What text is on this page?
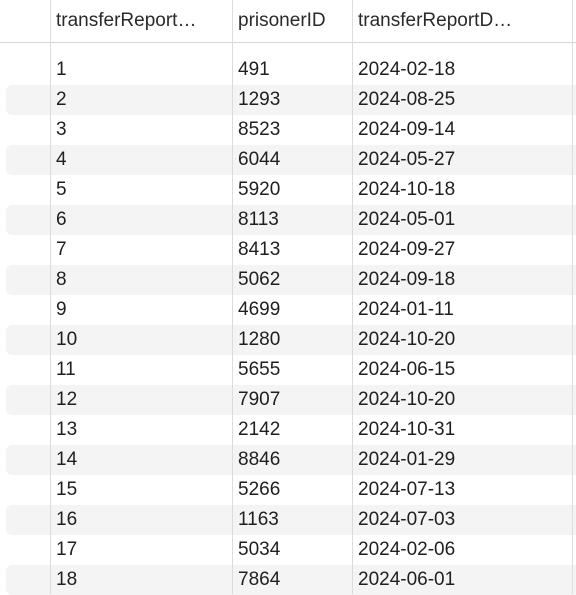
transferReport…	prisonerID	transferReportD…
1	491	2024-02-18
2	1293	2024-08-25
3	8523	2024-09-14
4	6044	2024-05-27
5	5920	2024-10-18
6	8113	2024-05-01
7	8413	2024-09-27
8	5062	2024-09-18
9	4699	2024-01-11
10	1280	2024-10-20
11	5655	2024-06-15
12	7907	2024-10-20
13	2142	2024-10-31
14	8846	2024-01-29
15	5266	2024-07-13
16	1163	2024-07-03
17	5034	2024-02-06
18	7864	2024-06-01
